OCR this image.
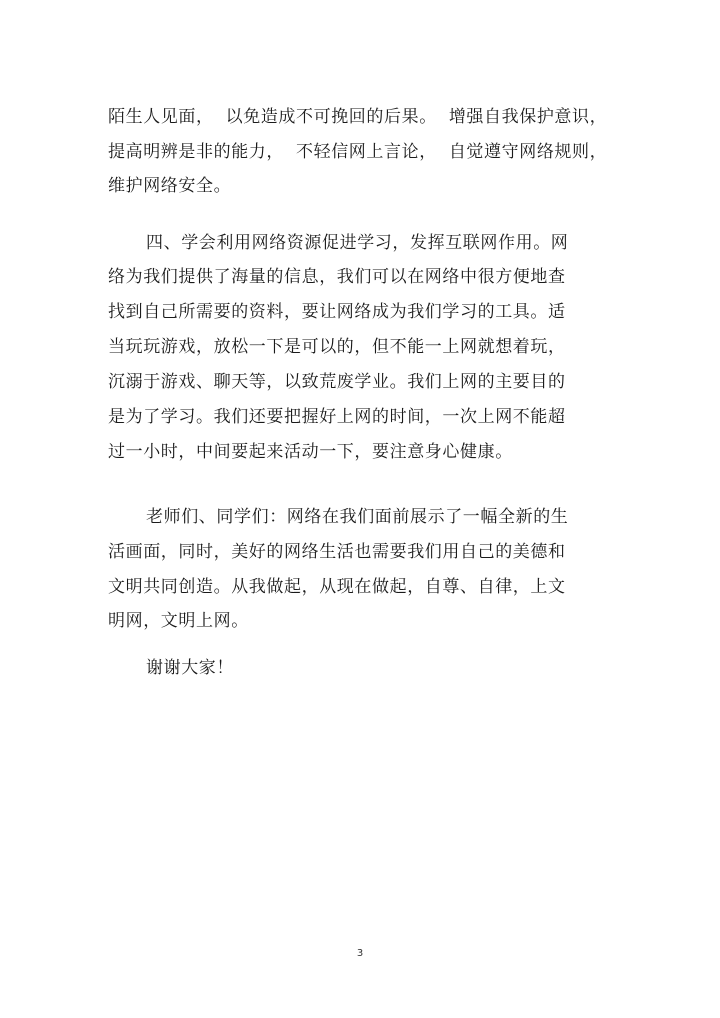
陌生人见面，  以免造成不可挽回的后果。  增强自我保护意识，
提高明辨是非的能力，  不轻信网上言论，  自觉遵守网络规则，
维护网络安全。
四、学会利用网络资源促进学习，发挥互联网作用。网
络为我们提供了海量的信息，我们可以在网络中很方便地查
找到自己所需要的资料，要让网络成为我们学习的工具。适
当玩玩游戏，放松一下是可以的，但不能一上网就想着玩，
沉溺于游戏、聊天等，以致荒废学业。我们上网的主要目的
是为了学习。我们还要把握好上网的时间，一次上网不能超
过一小时，中间要起来活动一下，要注意身心健康。
老师们、同学们：网络在我们面前展示了一幅全新的生
活画面，同时，美好的网络生活也需要我们用自己的美德和
文明共同创造。从我做起，从现在做起，自尊、自律，上文
明网，文明上网。
谢谢大家！
3
